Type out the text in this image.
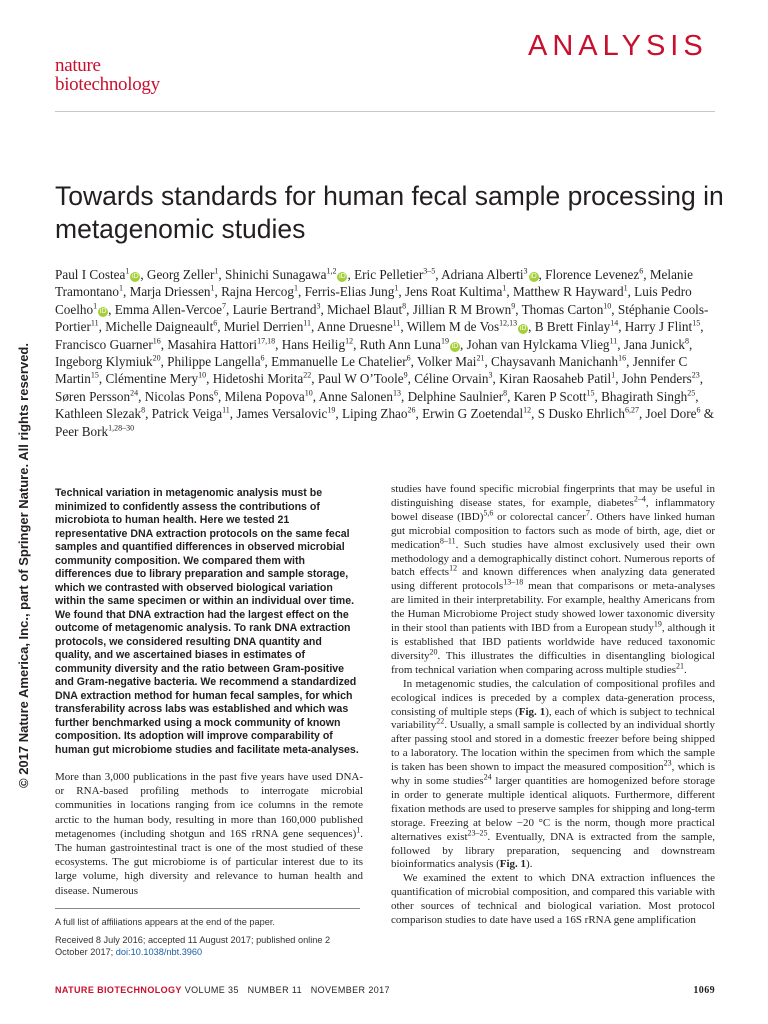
ANALYSIS
nature
biotechnology
© 2017 Nature America, Inc., part of Springer Nature. All rights reserved.
Towards standards for human fecal sample processing in metagenomic studies
Paul I Costea$^1$iD , Georg Zeller$^1$, Shinichi Sunagawa$^{1,2}$iD , Eric Pelletier$^{3-5}$, Adriana Alberti$^3$iD , Florence Levenez$^6$, Melanie Tramontano$^1$, Marja Driessen$^1$, Rajna Hercog$^1$, Ferris-Elias Jung$^1$, Jens Roat Kultima$^1$, Matthew R Hayward$^1$, Luis Pedro Coelho$^1$iD , Emma Allen-Vercoe$^7$, Laurie Bertrand$^3$, Michael Blaut$^8$, Jillian R M Brown$^9$, Thomas Carton$^{10}$, Stéphanie Cools-Portier$^{11}$, Michelle Daigneault$^6$, Muriel Derrien$^{11}$, Anne Druesne$^{11}$, Willem M de Vos$^{12,13}$iD , B Brett Finlay$^{14}$, Harry J Flint$^{15}$, Francisco Guarner$^{16}$, Masahira Hattori$^{17,18}$, Hans Heilig$^{12}$, Ruth Ann Luna$^{19}$iD , Johan van Hylckama Vlieg$^{11}$, Jana Junick$^8$, Ingeborg Klymiuk$^{20}$, Philippe Langella$^6$, Emmanuelle Le Chatelier$^6$, Volker Mai$^{21}$, Chaysavanh Manichanh$^{16}$, Jennifer C Martin$^{15}$, Clémentine Mery$^{10}$, Hidetoshi Morita$^{22}$, Paul W O’Toole$^9$, Céline Orvain$^3$, Kiran Raosaheb Patil$^1$, John Penders$^{23}$, Søren Persson$^{24}$, Nicolas Pons$^6$, Milena Popova$^{10}$, Anne Salonen$^{13}$, Delphine Saulnier$^8$, Karen P Scott$^{15}$, Bhagirath Singh$^{25}$, Kathleen Slezak$^8$, Patrick Veiga$^{11}$, James Versalovic$^{19}$, Liping Zhao$^{26}$, Erwin G Zoetendal$^{12}$, S Dusko Ehrlich$^{6,27}$, Joel Dore$^6$ & Peer Bork$^{1,28-30}$
Technical variation in metagenomic analysis must be minimized to confidently assess the contributions of microbiota to human health. Here we tested 21 representative DNA extraction protocols on the same fecal samples and quantified differences in observed microbial community composition. We compared them with differences due to library preparation and sample storage, which we contrasted with observed biological variation within the same specimen or within an individual over time. We found that DNA extraction had the largest effect on the outcome of metagenomic analysis. To rank DNA extraction protocols, we considered resulting DNA quantity and quality, and we ascertained biases in estimates of community diversity and the ratio between Gram-positive and Gram-negative bacteria. We recommend a standardized DNA extraction method for human fecal samples, for which transferability across labs was established and which was further benchmarked using a mock community of known composition. Its adoption will improve comparability of human gut microbiome studies and facilitate meta-analyses.
More than 3,000 publications in the past five years have used DNA- or RNA-based profiling methods to interrogate microbial communities in locations ranging from ice columns in the remote arctic to the human body, resulting in more than 160,000 published metagenomes (including shotgun and 16S rRNA gene sequences)$^1$. The human gastrointestinal tract is one of the most studied of these ecosystems. The gut microbiome is of particular interest due to its large volume, high diversity and relevance to human health and disease. Numerous
A full list of affiliations appears at the end of the paper.
Received 8 July 2016; accepted 11 August 2017; published online 2 October 2017; doi:10.1038/nbt.3960

studies have found specific microbial fingerprints that may be useful in distinguishing disease states, for example, diabetes$^{2-4}$, inflammatory bowel disease (IBD)$^{5,6}$ or colorectal cancer$^7$. Others have linked human gut microbial composition to factors such as mode of birth, age, diet or medication$^{8-11}$. Such studies have almost exclusively used their own methodology and a demographically distinct cohort. Numerous reports of batch effects$^{12}$ and known differences when analyzing data generated using different protocols$^{13-18}$ mean that comparisons or meta-analyses are limited in their interpretability. For example, healthy Americans from the Human Microbiome Project study showed lower taxonomic diversity in their stool than patients with IBD from a European study$^{19}$, although it is established that IBD patients worldwide have reduced taxonomic diversity$^{20}$. This illustrates the difficulties in disentangling biological from technical variation when comparing across multiple studies$^{21}$.

In metagenomic studies, the calculation of compositional profiles and ecological indices is preceded by a complex data-generation process, consisting of multiple steps (Fig. 1), each of which is subject to technical variability$^{22}$. Usually, a small sample is collected by an individual shortly after passing stool and stored in a domestic freezer before being shipped to a laboratory. The location within the specimen from which the sample is taken has been shown to impact the measured composition$^{23}$, which is why in some studies$^{24}$ larger quantities are homogenized before storage in order to generate multiple identical aliquots. Furthermore, different fixation methods are used to preserve samples for shipping and long-term storage. Freezing at below −20 °C is the norm, though more practical alternatives exist$^{23-25}$. Eventually, DNA is extracted from the sample, followed by library preparation, sequencing and downstream bioinformatics analysis (Fig. 1).

We examined the extent to which DNA extraction influences the quantification of microbial composition, and compared this variable with other sources of technical and biological variation. Most protocol comparison studies to date have used a 16S rRNA gene amplification

NATURE BIOTECHNOLOGY VOLUME 35   NUMBER 11   NOVEMBER 2017	1069
